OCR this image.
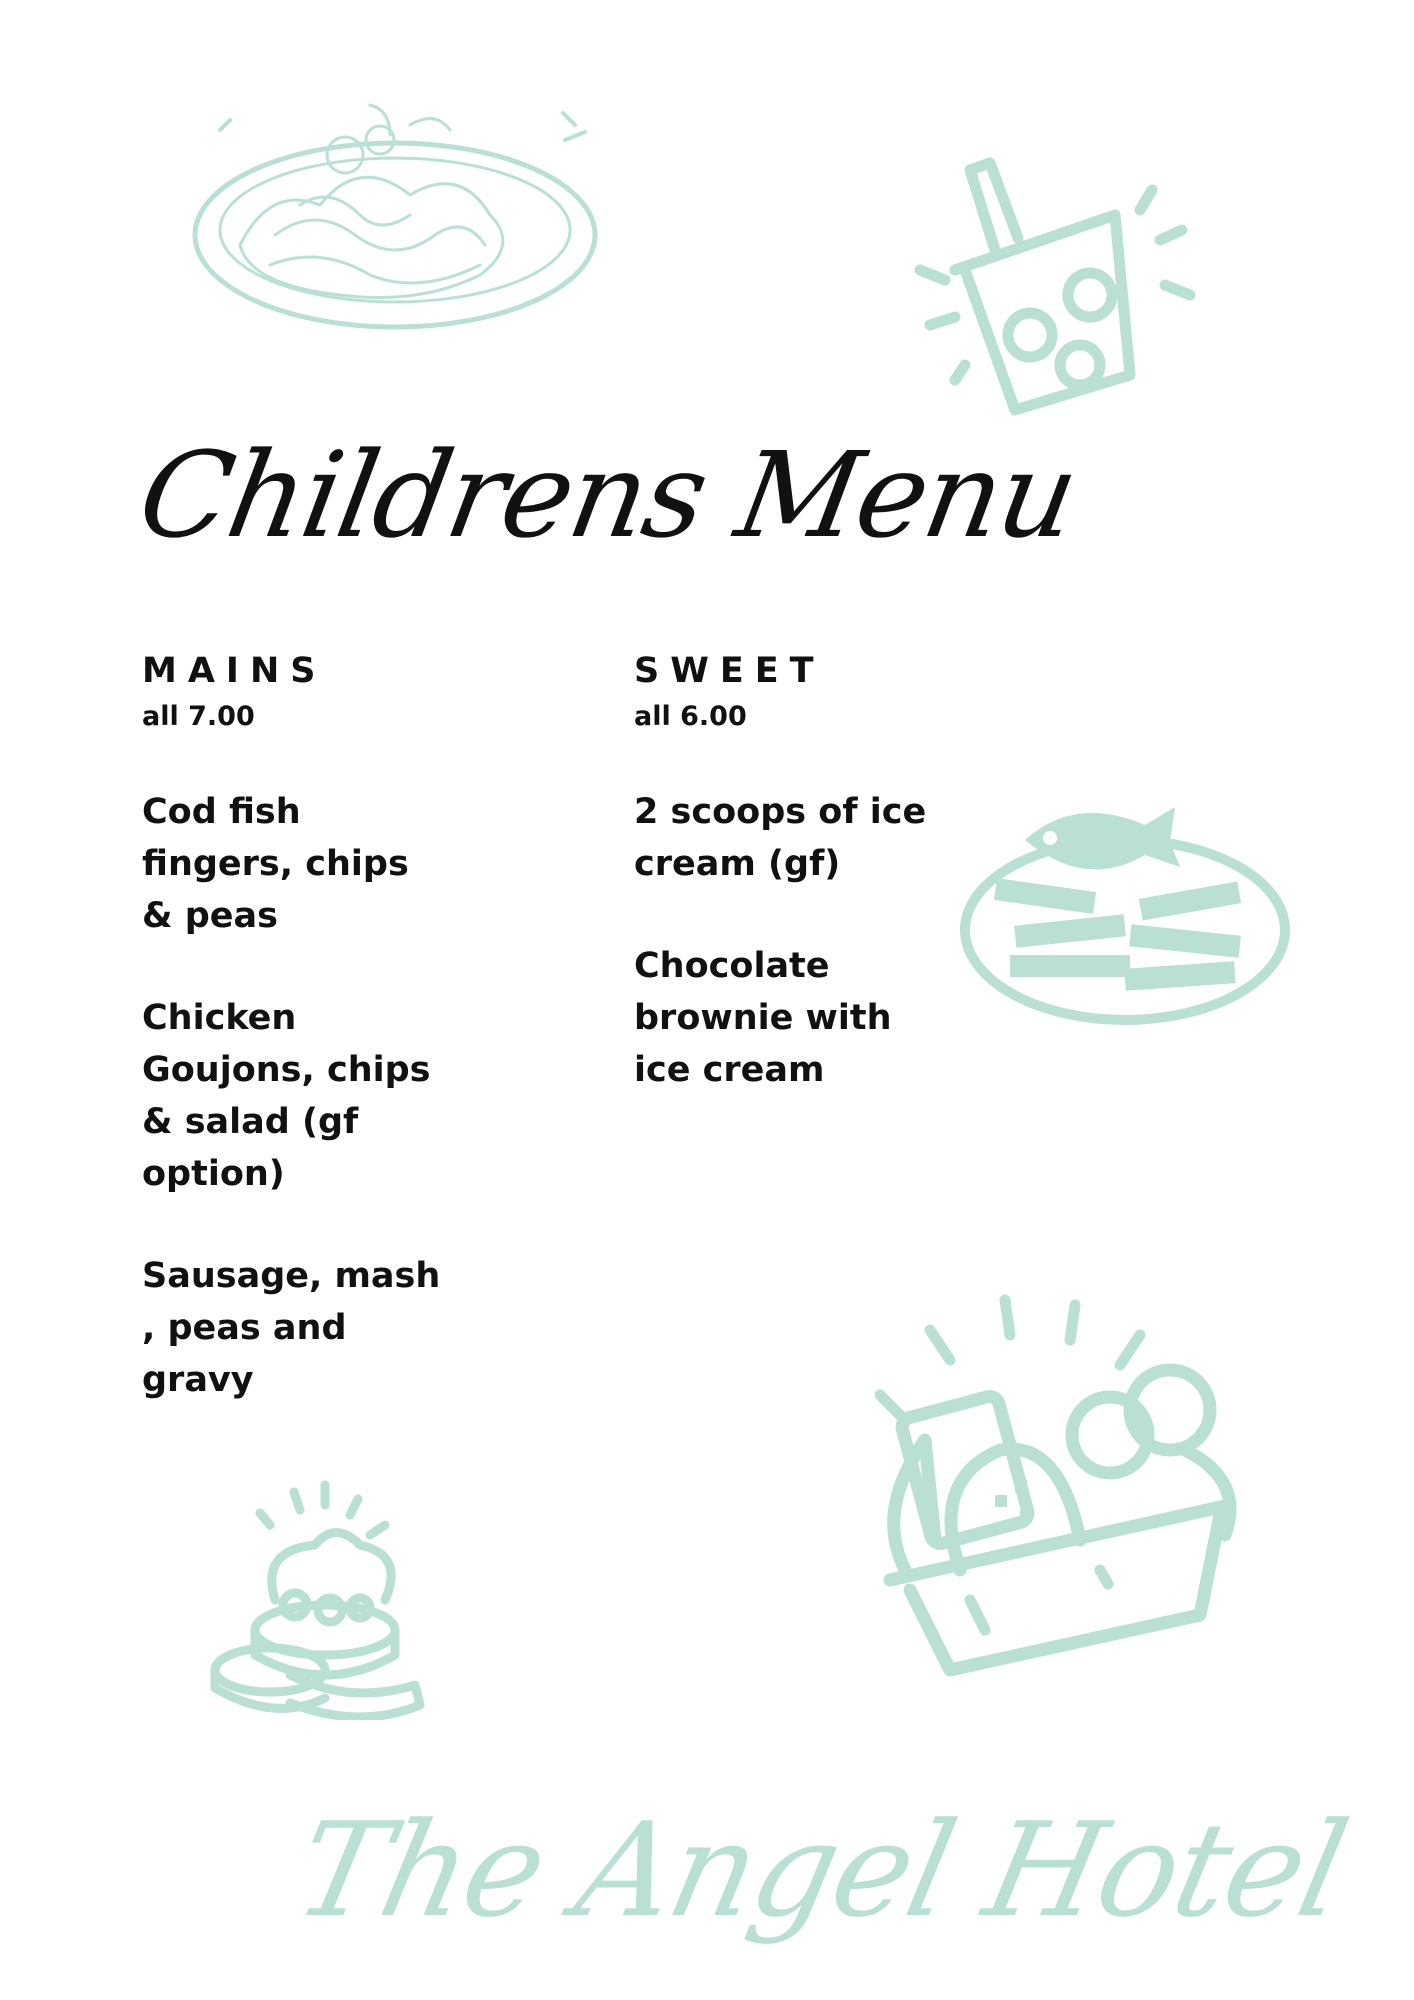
Childrens Menu
MAINS

all 7.00

Cod fish fingers, chips & peas
Chicken Goujons, chips & salad (gf option)
Sausage, mash , peas and gravy
SWEET

all 6.00

2 scoops of ice cream (gf)
Chocolate brownie with ice cream
The Angel Hotel
